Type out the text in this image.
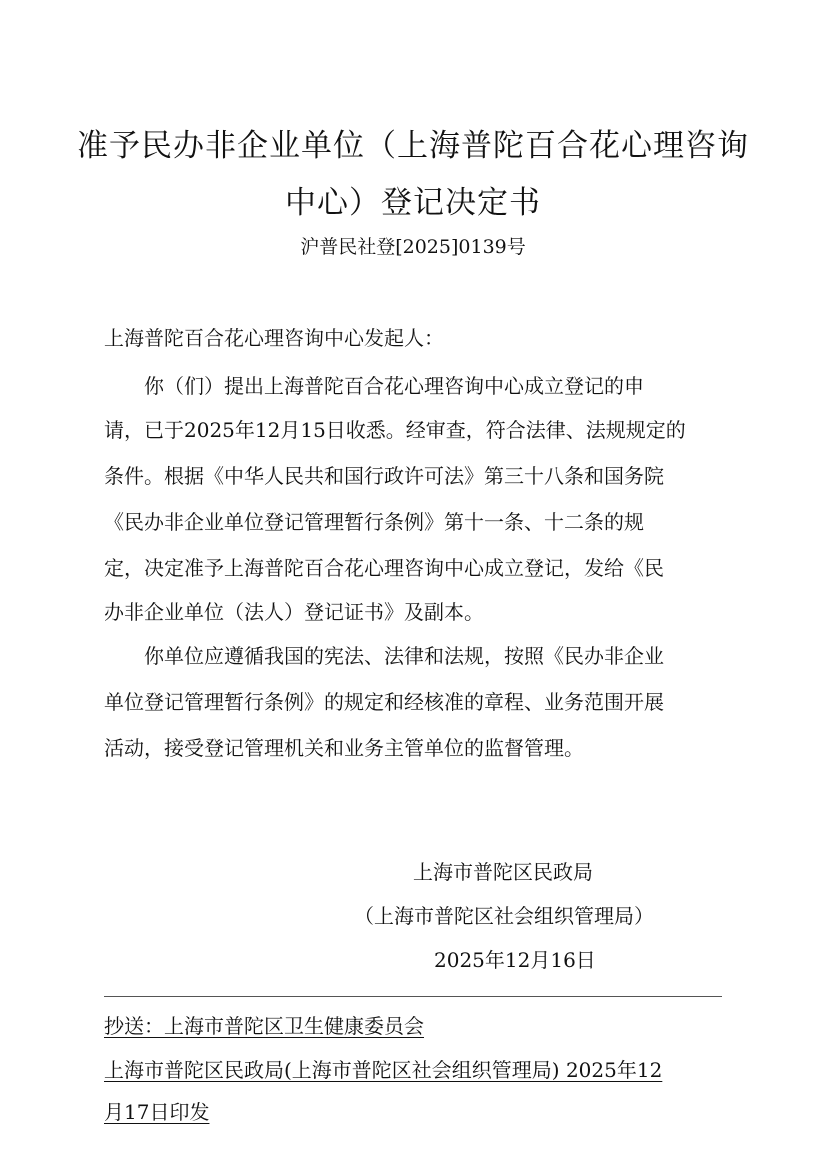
准予民办非企业单位（上海普陀百合花心理咨询
中心）登记决定书
沪普民社登[2025]0139号
上海普陀百合花心理咨询中心发起人：
你（们）提出上海普陀百合花心理咨询中心成立登记的申
请，已于2025年12月15日收悉。经审查，符合法律、法规规定的
条件。根据《中华人民共和国行政许可法》第三十八条和国务院
《民办非企业单位登记管理暂行条例》第十一条、十二条的规
定，决定准予上海普陀百合花心理咨询中心成立登记，发给《民
办非企业单位（法人）登记证书》及副本。
你单位应遵循我国的宪法、法律和法规，按照《民办非企业
单位登记管理暂行条例》的规定和经核准的章程、业务范围开展
活动，接受登记管理机关和业务主管单位的监督管理。
上海市普陀区民政局
（上海市普陀区社会组织管理局）
2025年12月16日
抄送：上海市普陀区卫生健康委员会
上海市普陀区民政局(上海市普陀区社会组织管理局) 2025年12
月17日印发
